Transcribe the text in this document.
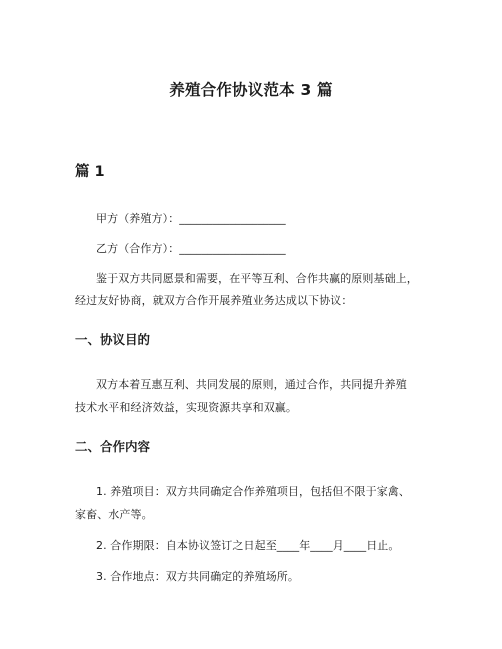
养殖合作协议范本 3 篇
篇 1
甲方（养殖方）：___________________
乙方（合作方）：___________________
鉴于双方共同愿景和需要，在平等互利、合作共赢的原则基础上，
经过友好协商，就双方合作开展养殖业务达成以下协议：
一、协议目的
双方本着互惠互利、共同发展的原则，通过合作，共同提升养殖
技术水平和经济效益，实现资源共享和双赢。
二、合作内容
1. 养殖项目：双方共同确定合作养殖项目，包括但不限于家禽、
家畜、水产等。
2. 合作期限：自本协议签订之日起至____年____月____日止。
3. 合作地点：双方共同确定的养殖场所。
